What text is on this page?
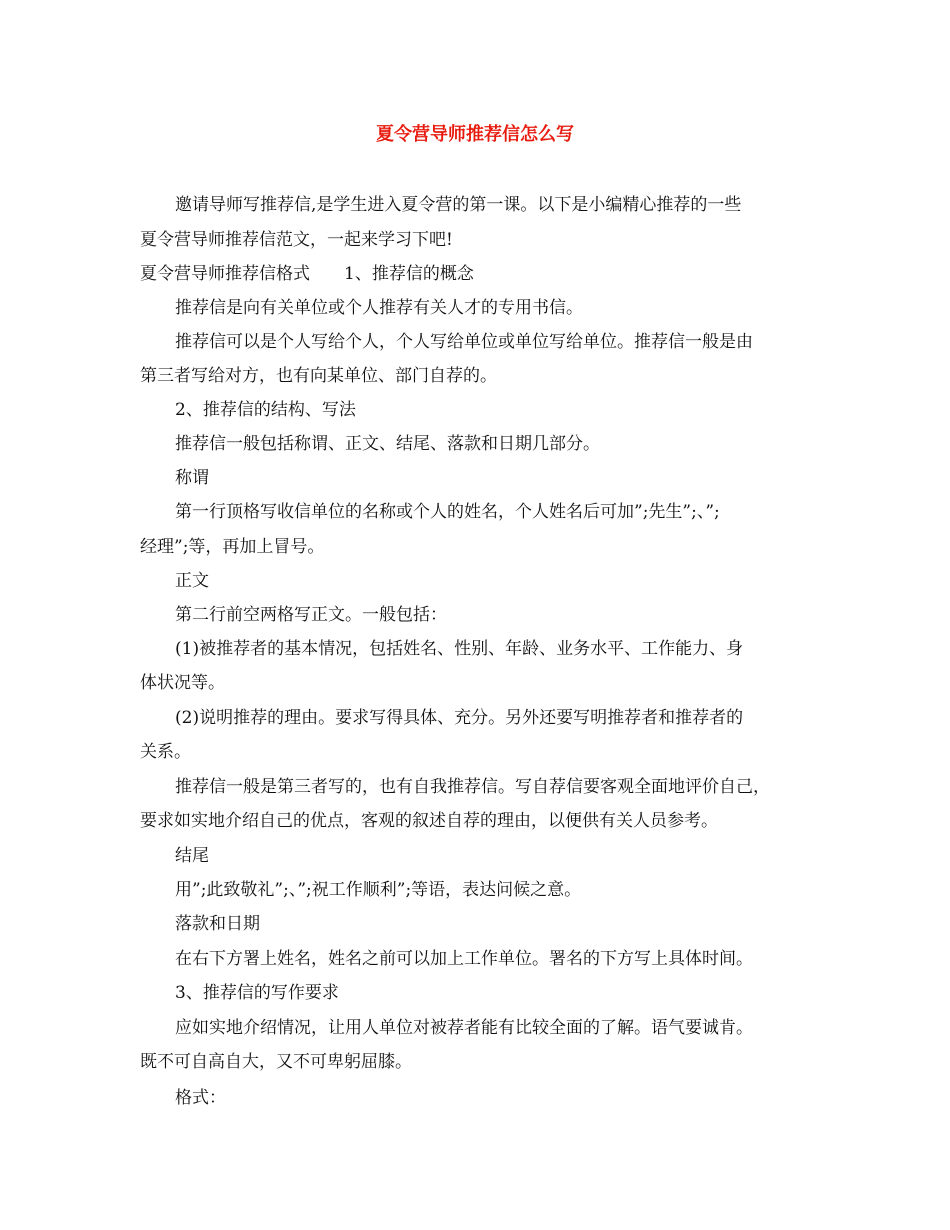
夏令营导师推荐信怎么写
邀请导师写推荐信,是学生进入夏令营的第一课。以下是小编精心推荐的一些
夏令营导师推荐信范文，一起来学习下吧!
夏令营导师推荐信格式　　1、推荐信的概念
推荐信是向有关单位或个人推荐有关人才的专用书信。
推荐信可以是个人写给个人，个人写给单位或单位写给单位。推荐信一般是由
第三者写给对方，也有向某单位、部门自荐的。
2、推荐信的结构、写法
推荐信一般包括称谓、正文、结尾、落款和日期几部分。
称谓
第一行顶格写收信单位的名称或个人的姓名，个人姓名后可加”;先生”;、”;
经理”;等，再加上冒号。
正文
第二行前空两格写正文。一般包括：
(1)被推荐者的基本情况，包括姓名、性别、年龄、业务水平、工作能力、身
体状况等。
(2)说明推荐的理由。要求写得具体、充分。另外还要写明推荐者和推荐者的
关系。
推荐信一般是第三者写的，也有自我推荐信。写自荐信要客观全面地评价自己，
要求如实地介绍自己的优点，客观的叙述自荐的理由，以便供有关人员参考。
结尾
用”;此致敬礼”;、”;祝工作顺利”;等语，表达问候之意。
落款和日期
在右下方署上姓名，姓名之前可以加上工作单位。署名的下方写上具体时间。
3、推荐信的写作要求
应如实地介绍情况，让用人单位对被荐者能有比较全面的了解。语气要诚肯。
既不可自高自大，又不可卑躬屈膝。
格式：
